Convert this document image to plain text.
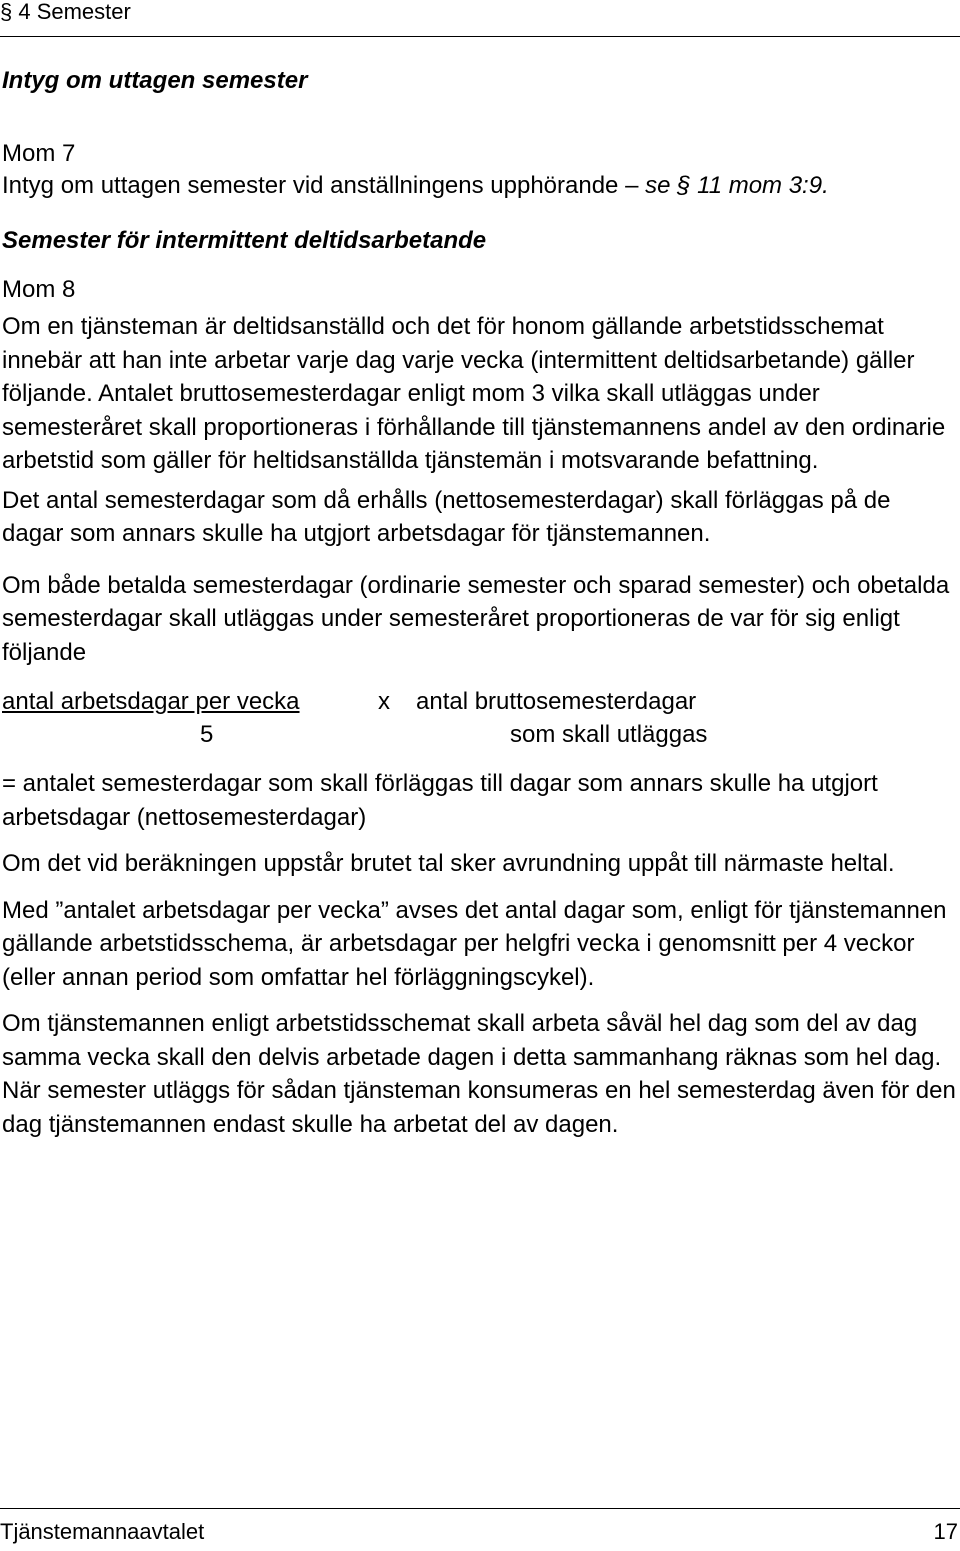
§ 4 Semester
Intyg om uttagen semester
Mom 7
Intyg om uttagen semester vid anställningens upphörande – se § 11 mom 3:9.
Semester för intermittent deltidsarbetande
Mom 8

Om en tjänsteman är deltidsanställd och det för honom gällande arbetstidsschemat innebär att han inte arbetar varje dag varje vecka (intermittent deltidsarbetande) gäller följande. Antalet bruttosemesterdagar enligt mom 3 vilka skall utläggas under semesteråret skall proportioneras i förhållande till tjänstemannens andel av den ordinarie arbetstid som gäller för heltidsanställda tjänstemän i motsvarande befattning.

Det antal semesterdagar som då erhålls (nettosemesterdagar) skall förläggas på de dagar som annars skulle ha utgjort arbetsdagar för tjänstemannen.

Om både betalda semesterdagar (ordinarie semester och sparad semester) och obetalda semesterdagar skall utläggas under semesteråret proportioneras de var för sig enligt följande

antal arbetsdagar per vecka	x antal bruttosemesterdagar
5	som skall utläggas

= antalet semesterdagar som skall förläggas till dagar som annars skulle ha utgjort arbetsdagar (nettosemesterdagar)

Om det vid beräkningen uppstår brutet tal sker avrundning uppåt till närmaste heltal.

Med ”antalet arbetsdagar per vecka” avses det antal dagar som, enligt för tjänstemannen gällande arbetstidsschema, är arbetsdagar per helgfri vecka i genomsnitt per 4 veckor (eller annan period som omfattar hel förläggningscykel).

Om tjänstemannen enligt arbetstidsschemat skall arbeta såväl hel dag som del av dag samma vecka skall den delvis arbetade dagen i detta sammanhang räknas som hel dag. När semester utläggs för sådan tjänsteman konsumeras en hel semesterdag även för den dag tjänstemannen endast skulle ha arbetat del av dagen.

Tjänstemannaavtalet	17
